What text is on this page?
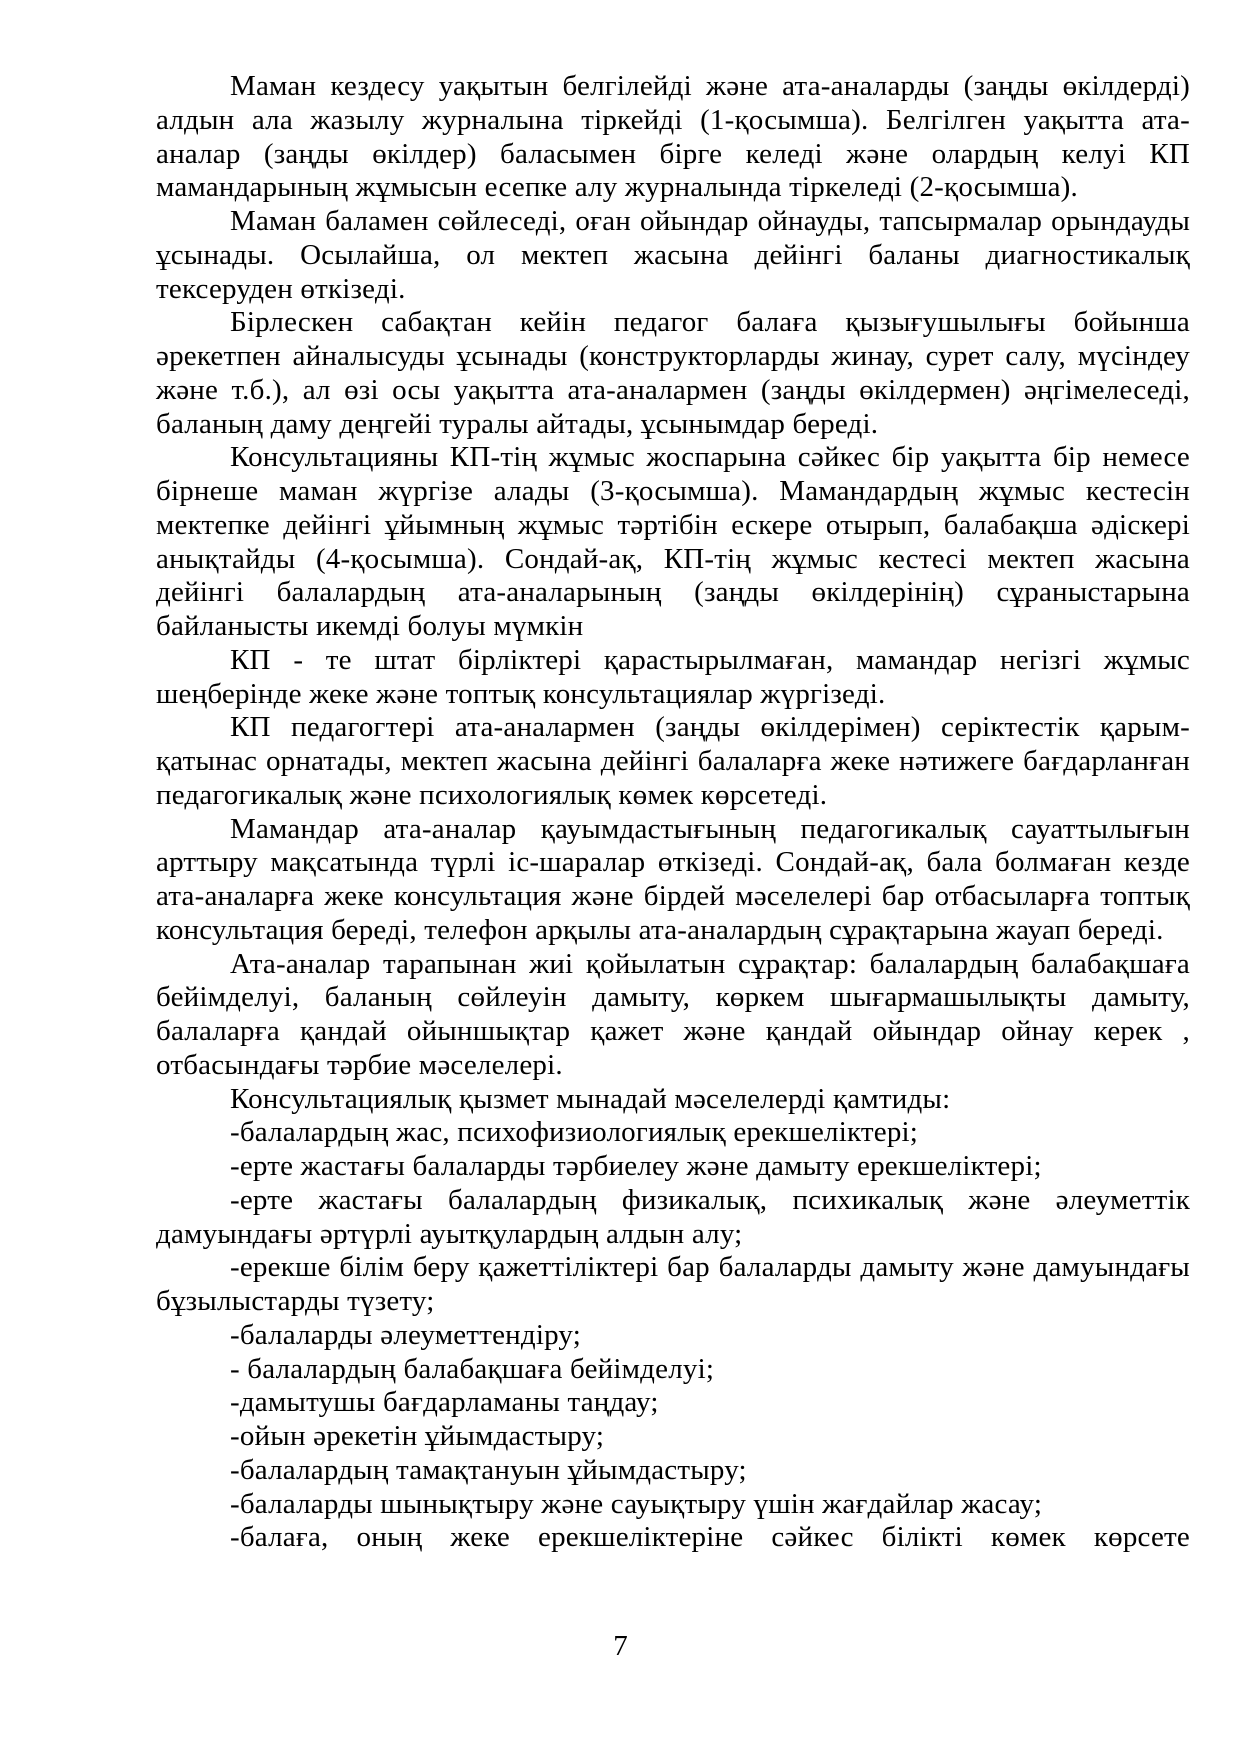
Маман кездесу уақытын белгілейді және ата-аналарды (заңды өкілдерді) алдын ала жазылу журналына тіркейді (1-қосымша). Белгілген уақытта ата-аналар (заңды өкілдер) баласымен бірге келеді және олардың келуі КП мамандарының жұмысын есепке алу журналында тіркеледі (2-қосымша).

Маман баламен сөйлеседі, оған ойындар ойнауды, тапсырмалар орындауды ұсынады. Осылайша, ол мектеп жасына дейінгі баланы диагностикалық тексеруден өткізеді.

Бірлескен сабақтан кейін педагог балаға қызығушылығы бойынша әрекетпен айналысуды ұсынады (конструкторларды жинау, сурет салу, мүсіндеу және т.б.), ал өзі осы уақытта ата-аналармен (заңды өкілдермен) әңгімелеседі, баланың даму деңгейі туралы айтады, ұсынымдар береді.

Консультацияны КП-тің жұмыс жоспарына сәйкес бір уақытта бір немесе бірнеше маман жүргізе алады (3-қосымша). Мамандардың жұмыс кестесін мектепке дейінгі ұйымның жұмыс тәртібін ескере отырып, балабақша әдіскері анықтайды (4-қосымша). Сондай-ақ, КП-тің жұмыс кестесі мектеп жасына дейінгі балалардың ата-аналарының (заңды өкілдерінің) сұраныстарына байланысты икемді болуы мүмкін

КП - те штат бірліктері қарастырылмаған, мамандар негізгі жұмыс шеңберінде жеке және топтық консультациялар жүргізеді.

КП педагогтері ата-аналармен (заңды өкілдерімен) серіктестік қарым-қатынас орнатады, мектеп жасына дейінгі балаларға жеке нәтижеге бағдарланған педагогикалық және психологиялық көмек көрсетеді.

Мамандар ата-аналар қауымдастығының педагогикалық сауаттылығын арттыру мақсатында түрлі іс-шаралар өткізеді. Сондай-ақ, бала болмаған кезде ата-аналарға жеке консультация және бірдей мәселелері бар отбасыларға топтық консультация береді, телефон арқылы ата-аналардың сұрақтарына жауап береді.

Ата-аналар тарапынан жиі қойылатын сұрақтар: балалардың балабақшаға бейімделуі, баланың сөйлеуін дамыту, көркем шығармашылықты дамыту, балаларға қандай ойыншықтар қажет және қандай ойындар ойнау керек , отбасындағы тәрбие мәселелері.

Консультациялық қызмет мынадай мәселелерді қамтиды:

-балалардың жас, психофизиологиялық ерекшеліктері;

-ерте жастағы балаларды тәрбиелеу және дамыту ерекшеліктері;

-ерте жастағы балалардың физикалық, психикалық және әлеуметтік дамуындағы әртүрлі ауытқулардың алдын алу;

-ерекше білім беру қажеттіліктері бар балаларды дамыту және дамуындағы бұзылыстарды түзету;

-балаларды әлеуметтендіру;

- балалардың балабақшаға бейімделуі;

-дамытушы бағдарламаны таңдау;

-ойын әрекетін ұйымдастыру;

-балалардың тамақтануын ұйымдастыру;

-балаларды шынықтыру және сауықтыру үшін жағдайлар жасау;

-балаға, оның жеке ерекшеліктеріне сәйкес білікті көмек көрсете

7
